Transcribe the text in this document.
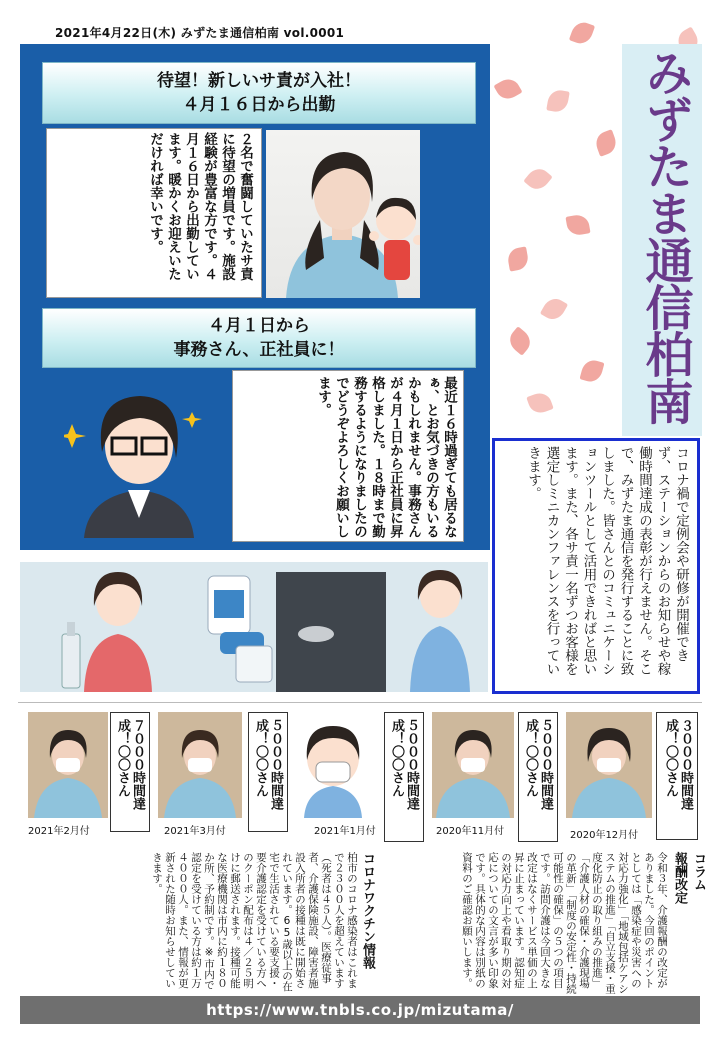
2021年4月22日(木) みずたま通信柏南 vol.0001
待望！新しいサ責が入社！
４月１６日から出勤
２名で奮闘していたサ責に待望の増員です。施設経験が豊富な方です。４月１６日から出勤しています。暖かくお迎えいただければ幸いです。
４月１日から
事務さん、正社員に！
最近１６時過ぎても居るなぁ、とお気づきの方もいるかもしれません。事務さんが４月１日から正社員に昇格しました。１８時まで勤務するようになりましたのでどうぞよろしくお願いします。	みずたま通信柏南
コロナ禍で定例会や研修が開催できず、ステーションからのお知らせや稼働時間達成の表彰が行えません。そこで、みずたま通信を発行することに致しました。皆さんとのコミュニケーションツールとして活用できればと思います。また、各サ責一名ずつお客様を選定しミニカンファレンスを行っていきます。
2021年2月付
７０００時間達成！〇〇さん
2021年3月付
５０００時間達成！〇〇さん
2021年1月付
５０００時間達成！〇〇さん
2020年11月付
５０００時間達成！〇〇さん
2020年12月付
３０００時間達成！〇〇さん
コロナワクチン情報
柏市のコロナ感染者はこれまで２３００人を超えています（死者は４５人）。医療従事者、介護保険施設、障害者施設入所者の接種は既に開始されています。65歳以上の在宅で生活されている要支援・要介護認定を受けている方へのクーポン配布は４／２５明けに郵送されます。接種可能な医療機関は市内に約１８０か所、予約制です。※市内で認定を受けている方は約１万４０００人。また、情報が更新された随時お知らせしていきます。	コラム　報酬改定
令和３年、介護報酬の改定がありました。今回のポイントとしては「感染症や災害への対応力強化」「地域包括ケアシステムの推進」「自立支援・重度化防止の取り組みの推進」「介護人材の確保・介護現場の革新」「制度の安定性・持続可能性の確保」の５つの項目です。訪問介護は今回大きな改定はなくサービス単価の上昇に止まっています。認知症の対応力向上や看取り期の対応についての文言が多い印象です。具体的な内容は別紙の資料のご確認お願いします。
https://www.tnbls.co.jp/mizutama/
